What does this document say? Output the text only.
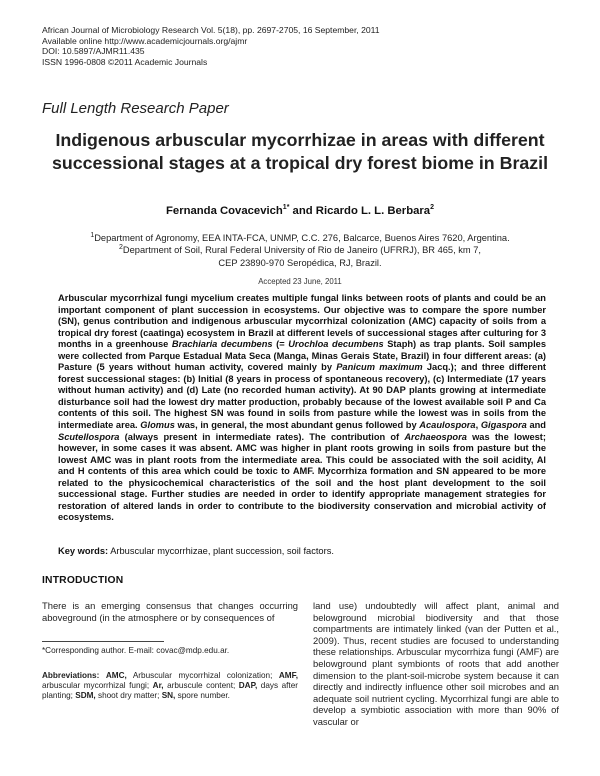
African Journal of Microbiology Research Vol. 5(18), pp. 2697-2705, 16 September, 2011
Available online http://www.academicjournals.org/ajmr
DOI: 10.5897/AJMR11.435
ISSN 1996-0808 ©2011 Academic Journals
Full Length Research Paper
Indigenous arbuscular mycorrhizae in areas with different successional stages at a tropical dry forest biome in Brazil
Fernanda Covacevich$^{1*}$ and Ricardo L. L. Berbara$^2$
$^1$Department of Agronomy, EEA INTA-FCA, UNMP, C.C. 276, Balcarce, Buenos Aires 7620, Argentina.
$^2$Department of Soil, Rural Federal University of Rio de Janeiro (UFRRJ), BR 465, km 7,
CEP 23890-970 Seropédica, RJ, Brazil.
Accepted 23 June, 2011

Arbuscular mycorrhizal fungi mycelium creates multiple fungal links between roots of plants and could be an important component of plant succession in ecosystems. Our objective was to compare the spore number (SN), genus contribution and indigenous arbuscular mycorrhizal colonization (AMC) capacity of soils from a tropical dry forest (caatinga) ecosystem in Brazil at different levels of successional stages after culturing for 3 months in a greenhouse Brachiaria decumbens (= Urochloa decumbens Staph) as trap plants. Soil samples were collected from Parque Estadual Mata Seca (Manga, Minas Gerais State, Brazil) in four different areas: (a) Pasture (5 years without human activity, covered mainly by Panicum maximum Jacq.); and three different forest successional stages: (b) Initial (8 years in process of spontaneous recovery), (c) Intermediate (17 years without human activity) and (d) Late (no recorded human activity). At 90 DAP plants growing at intermediate disturbance soil had the lowest dry matter production, probably because of the lowest available soil P and Ca contents of this soil. The highest SN was found in soils from pasture while the lowest was in soils from the intermediate area. Glomus was, in general, the most abundant genus followed by Acaulospora, Gigaspora and Scutellospora (always present in intermediate rates). The contribution of Archaeospora was the lowest; however, in some cases it was absent. AMC was higher in plant roots growing in soils from pasture but the lowest AMC was in plant roots from the intermediate area. This could be associated with the soil acidity, Al and H contents of this area which could be toxic to AMF. Mycorrhiza formation and SN appeared to be more related to the physicochemical characteristics of the soil and the host plant development to the soil successional stage. Further studies are needed in order to identify appropriate management strategies for restoration of altered lands in order to contribute to the biodiversity conservation and microbial activity of ecosystems.

Key words: Arbuscular mycorrhizae, plant succession, soil factors.
INTRODUCTION

There is an emerging consensus that changes occurring aboveground (in the atmosphere or by consequences of

land use) undoubtedly will affect plant, animal and belowground microbial biodiversity and that those compartments are intimately linked (van der Putten et al., 2009). Thus, recent studies are focused to understanding these relationships. Arbuscular mycorrhiza fungi (AMF) are belowground plant symbionts of roots that add another dimension to the plant-soil-microbe system because it can directly and indirectly influence other soil microbes and an adequate soil nutrient cycling. Mycorrhizal fungi are able to develop a symbiotic association with more than 90% of vascular or

*Corresponding author. E-mail: covac@mdp.edu.ar.

Abbreviations: AMC, Arbuscular mycorrhizal colonization; AMF, arbuscular mycorrhizal fungi; Ar, arbuscule content; DAP, days after planting; SDM, shoot dry matter; SN, spore number.
